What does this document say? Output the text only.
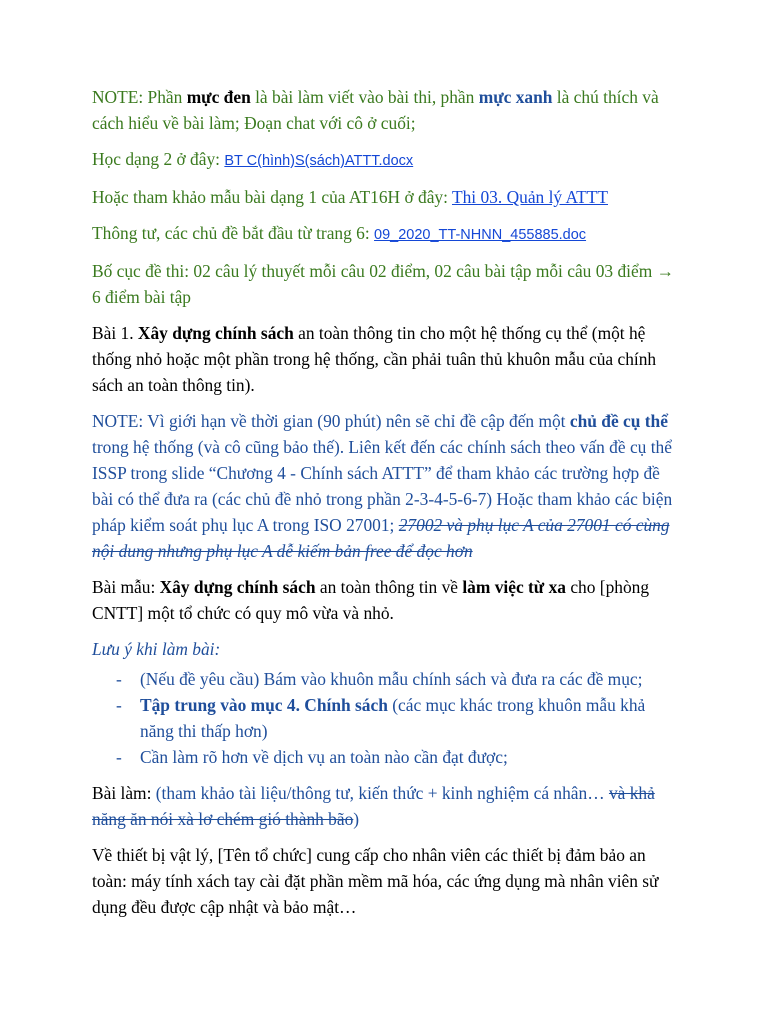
NOTE: Phần mực đen là bài làm viết vào bài thi, phần mực xanh là chú thích và cách hiểu về bài làm; Đoạn chat với cô ở cuối;

Học dạng 2 ở đây: BT C(hình)S(sách)ATTT.docx

Hoặc tham khảo mẫu bài dạng 1 của AT16H ở đây: Thi 03. Quản lý ATTT

Thông tư, các chủ đề bắt đầu từ trang 6: 09_2020_TT-NHNN_455885.doc

Bố cục đề thi: 02 câu lý thuyết mỗi câu 02 điểm, 02 câu bài tập mỗi câu 03 điểm → 6 điểm bài tập

Bài 1. Xây dựng chính sách an toàn thông tin cho một hệ thống cụ thể (một hệ thống nhỏ hoặc một phần trong hệ thống, cần phải tuân thủ khuôn mẫu của chính sách an toàn thông tin).

NOTE: Vì giới hạn về thời gian (90 phút) nên sẽ chỉ đề cập đến một chủ đề cụ thể trong hệ thống (và cô cũng bảo thế). Liên kết đến các chính sách theo vấn đề cụ thể ISSP trong slide “Chương 4 - Chính sách ATTT” để tham khảo các trường hợp đề bài có thể đưa ra (các chủ đề nhỏ trong phần 2-3-4-5-6-7) Hoặc tham khảo các biện pháp kiểm soát phụ lục A trong ISO 27001; 27002 và phụ lục A của 27001 có cùng nội dung nhưng phụ lục A dễ kiếm bản free để đọc hơn

Bài mẫu: Xây dựng chính sách an toàn thông tin về làm việc từ xa cho [phòng CNTT] một tổ chức có quy mô vừa và nhỏ.

Lưu ý khi làm bài:

- (Nếu đề yêu cầu) Bám vào khuôn mẫu chính sách và đưa ra các đề mục;
- Tập trung vào mục 4. Chính sách (các mục khác trong khuôn mẫu khả năng thi thấp hơn)
- Cần làm rõ hơn về dịch vụ an toàn nào cần đạt được;

Bài làm: (tham khảo tài liệu/thông tư, kiến thức + kinh nghiệm cá nhân… và khả năng ăn nói xà lơ chém gió thành bão)

Về thiết bị vật lý, [Tên tổ chức] cung cấp cho nhân viên các thiết bị đảm bảo an toàn: máy tính xách tay cài đặt phần mềm mã hóa, các ứng dụng mà nhân viên sử dụng đều được cập nhật và bảo mật…
